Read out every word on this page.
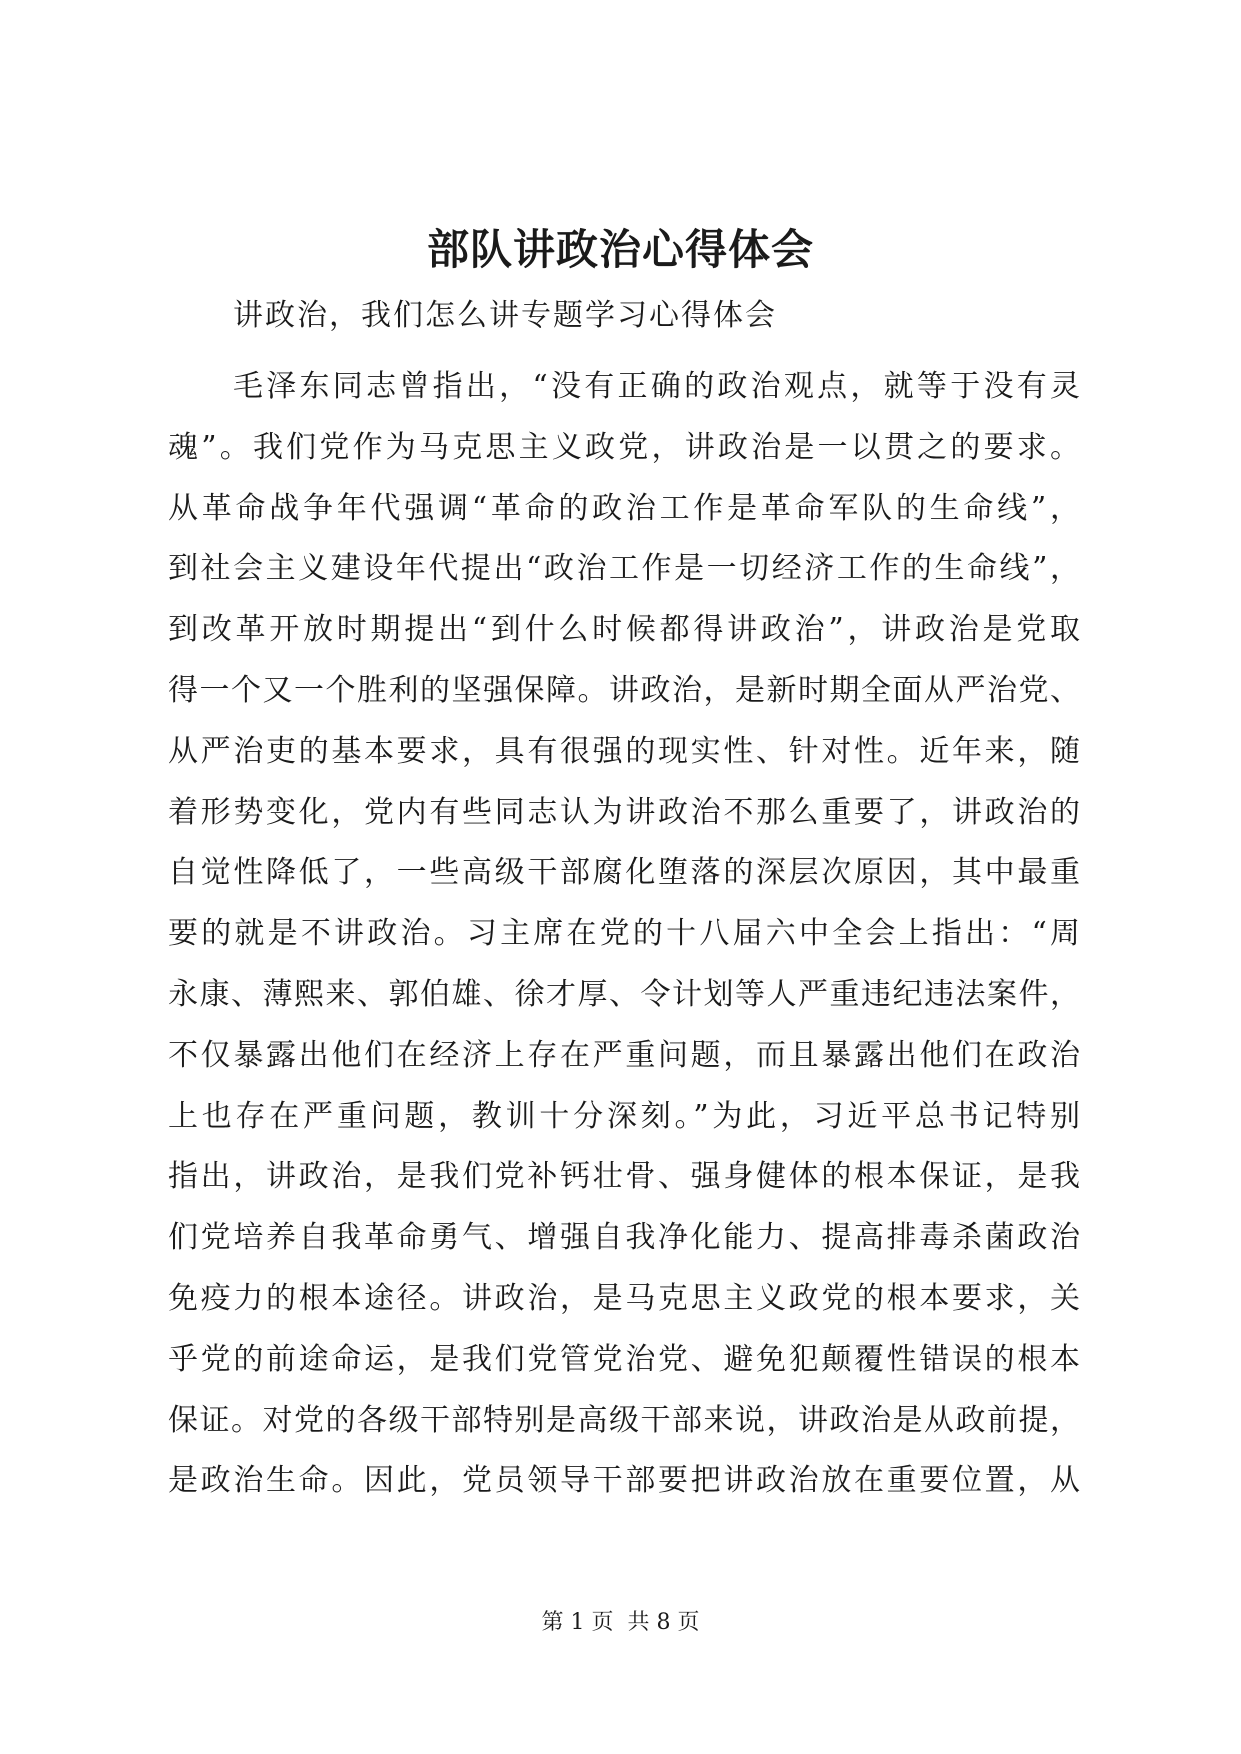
部队讲政治心得体会
讲政治，我们怎么讲专题学习心得体会
毛泽东同志曾指出，“没有正确的政治观点，就等于没有灵
魂”。我们党作为马克思主义政党，讲政治是一以贯之的要求。
从革命战争年代强调“革命的政治工作是革命军队的生命线”，
到社会主义建设年代提出“政治工作是一切经济工作的生命线”，
到改革开放时期提出“到什么时候都得讲政治”，讲政治是党取
得一个又一个胜利的坚强保障。讲政治，是新时期全面从严治党、
从严治吏的基本要求，具有很强的现实性、针对性。近年来，随
着形势变化，党内有些同志认为讲政治不那么重要了，讲政治的
自觉性降低了，一些高级干部腐化堕落的深层次原因，其中最重
要的就是不讲政治。习主席在党的十八届六中全会上指出：“周
永康、薄熙来、郭伯雄、徐才厚、令计划等人严重违纪违法案件，
不仅暴露出他们在经济上存在严重问题，而且暴露出他们在政治
上也存在严重问题，教训十分深刻。”为此，习近平总书记特别
指出，讲政治，是我们党补钙壮骨、强身健体的根本保证，是我
们党培养自我革命勇气、增强自我净化能力、提高排毒杀菌政治
免疫力的根本途径。讲政治，是马克思主义政党的根本要求，关
乎党的前途命运，是我们党管党治党、避免犯颠覆性错误的根本
保证。对党的各级干部特别是高级干部来说，讲政治是从政前提，
是政治生命。因此，党员领导干部要把讲政治放在重要位置，从
第 1 页  共 8 页
